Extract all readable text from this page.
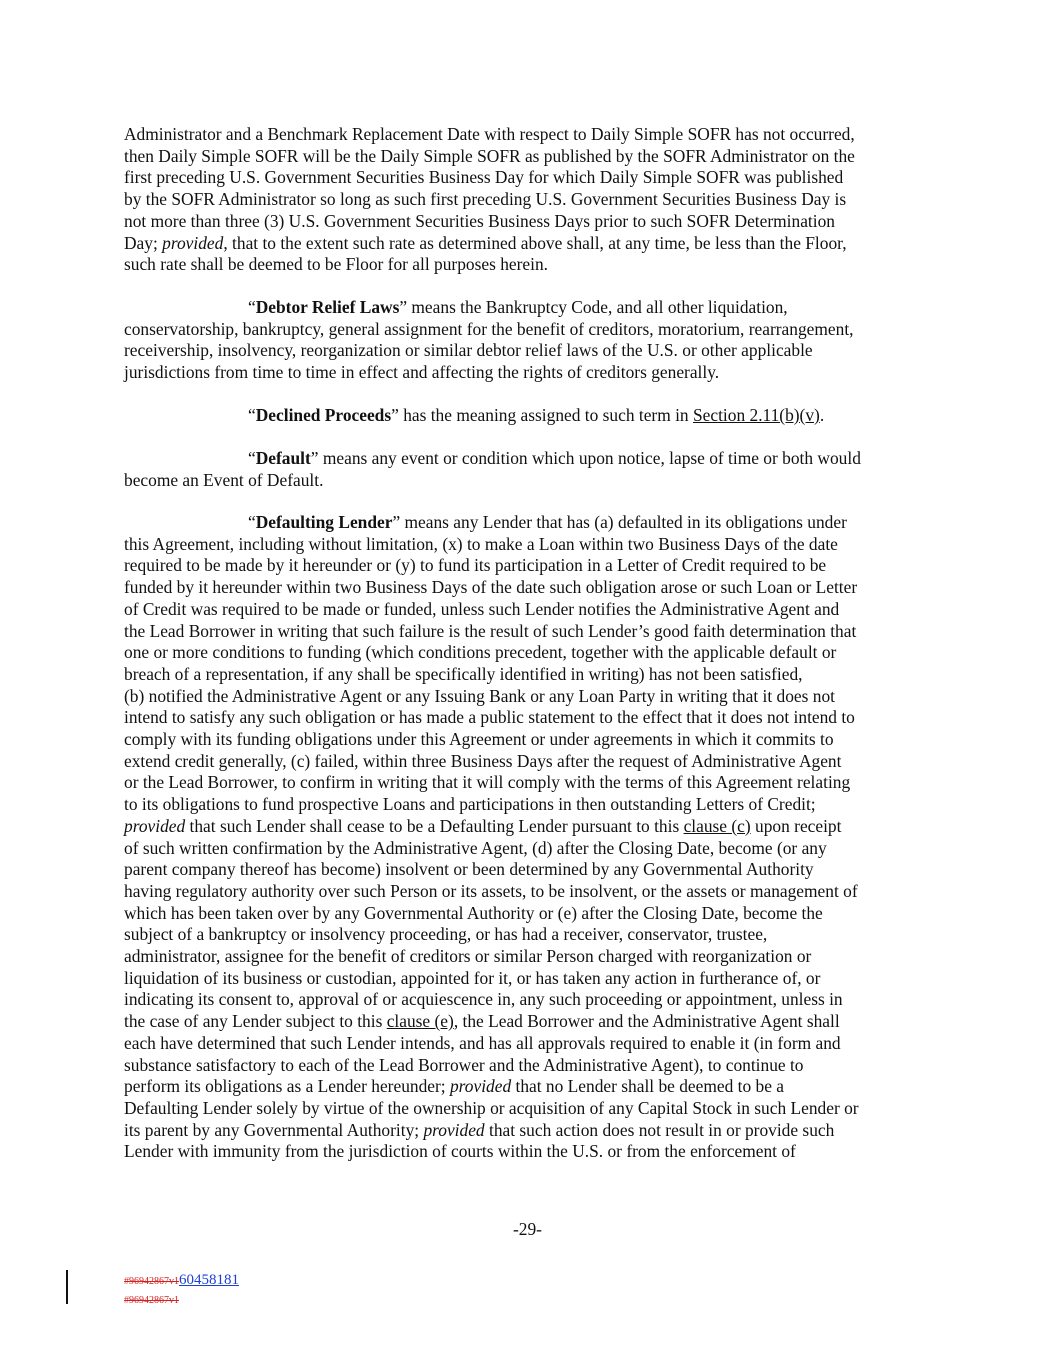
Administrator and a Benchmark Replacement Date with respect to Daily Simple SOFR has not occurred,
then Daily Simple SOFR will be the Daily Simple SOFR as published by the SOFR Administrator on the
first preceding U.S. Government Securities Business Day for which Daily Simple SOFR was published
by the SOFR Administrator so long as such first preceding U.S. Government Securities Business Day is
not more than three (3) U.S. Government Securities Business Days prior to such SOFR Determination
Day; provided, that to the extent such rate as determined above shall, at any time, be less than the Floor,
such rate shall be deemed to be Floor for all purposes herein.
“Debtor Relief Laws” means the Bankruptcy Code, and all other liquidation,
conservatorship, bankruptcy, general assignment for the benefit of creditors, moratorium, rearrangement,
receivership, insolvency, reorganization or similar debtor relief laws of the U.S. or other applicable
jurisdictions from time to time in effect and affecting the rights of creditors generally.
“Declined Proceeds” has the meaning assigned to such term in Section 2.11(b)(v).
“Default” means any event or condition which upon notice, lapse of time or both would
become an Event of Default.
“Defaulting Lender” means any Lender that has (a) defaulted in its obligations under
this Agreement, including without limitation, (x) to make a Loan within two Business Days of the date
required to be made by it hereunder or (y) to fund its participation in a Letter of Credit required to be
funded by it hereunder within two Business Days of the date such obligation arose or such Loan or Letter
of Credit was required to be made or funded, unless such Lender notifies the Administrative Agent and
the Lead Borrower in writing that such failure is the result of such Lender’s good faith determination that
one or more conditions to funding (which conditions precedent, together with the applicable default or
breach of a representation, if any shall be specifically identified in writing) has not been satisfied,
(b) notified the Administrative Agent or any Issuing Bank or any Loan Party in writing that it does not
intend to satisfy any such obligation or has made a public statement to the effect that it does not intend to
comply with its funding obligations under this Agreement or under agreements in which it commits to
extend credit generally, (c) failed, within three Business Days after the request of Administrative Agent
or the Lead Borrower, to confirm in writing that it will comply with the terms of this Agreement relating
to its obligations to fund prospective Loans and participations in then outstanding Letters of Credit;
provided that such Lender shall cease to be a Defaulting Lender pursuant to this clause (c) upon receipt
of such written confirmation by the Administrative Agent, (d) after the Closing Date, become (or any
parent company thereof has become) insolvent or been determined by any Governmental Authority
having regulatory authority over such Person or its assets, to be insolvent, or the assets or management of
which has been taken over by any Governmental Authority or (e) after the Closing Date, become the
subject of a bankruptcy or insolvency proceeding, or has had a receiver, conservator, trustee,
administrator, assignee for the benefit of creditors or similar Person charged with reorganization or
liquidation of its business or custodian, appointed for it, or has taken any action in furtherance of, or
indicating its consent to, approval of or acquiescence in, any such proceeding or appointment, unless in
the case of any Lender subject to this clause (e), the Lead Borrower and the Administrative Agent shall
each have determined that such Lender intends, and has all approvals required to enable it (in form and
substance satisfactory to each of the Lead Borrower and the Administrative Agent), to continue to
perform its obligations as a Lender hereunder; provided that no Lender shall be deemed to be a
Defaulting Lender solely by virtue of the ownership or acquisition of any Capital Stock in such Lender or
its parent by any Governmental Authority; provided that such action does not result in or provide such
Lender with immunity from the jurisdiction of courts within the U.S. or from the enforcement of
-29-
#96942867v160458181
#96942867v1
